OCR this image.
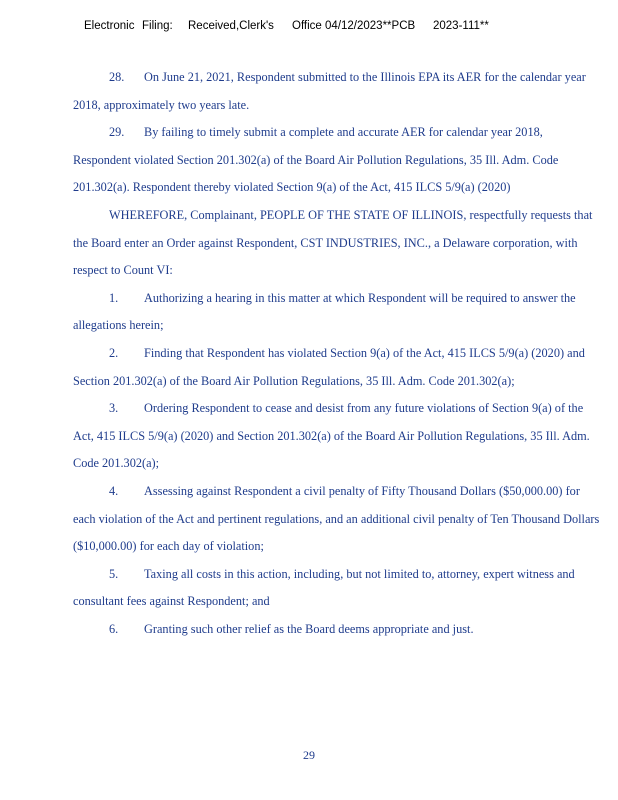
Electronic Filing: Received,Clerk's Office 04/12/2023**PCB 2023-111**

28. On June 21, 2021, Respondent submitted to the Illinois EPA its AER for the calendar year 2018, approximately two years late.

29. By failing to timely submit a complete and accurate AER for calendar year 2018, Respondent violated Section 201.302(a) of the Board Air Pollution Regulations, 35 Ill. Adm. Code 201.302(a). Respondent thereby violated Section 9(a) of the Act, 415 ILCS 5/9(a) (2020)

WHEREFORE, Complainant, PEOPLE OF THE STATE OF ILLINOIS, respectfully requests that the Board enter an Order against Respondent, CST INDUSTRIES, INC., a Delaware corporation, with respect to Count VI:

1. Authorizing a hearing in this matter at which Respondent will be required to answer the allegations herein;

2. Finding that Respondent has violated Section 9(a) of the Act, 415 ILCS 5/9(a) (2020) and Section 201.302(a) of the Board Air Pollution Regulations, 35 Ill. Adm. Code 201.302(a);

3. Ordering Respondent to cease and desist from any future violations of Section 9(a) of the Act, 415 ILCS 5/9(a) (2020) and Section 201.302(a) of the Board Air Pollution Regulations, 35 Ill. Adm. Code 201.302(a);

4. Assessing against Respondent a civil penalty of Fifty Thousand Dollars ($50,000.00) for each violation of the Act and pertinent regulations, and an additional civil penalty of Ten Thousand Dollars ($10,000.00) for each day of violation;

5. Taxing all costs in this action, including, but not limited to, attorney, expert witness and consultant fees against Respondent; and

6. Granting such other relief as the Board deems appropriate and just.

29
